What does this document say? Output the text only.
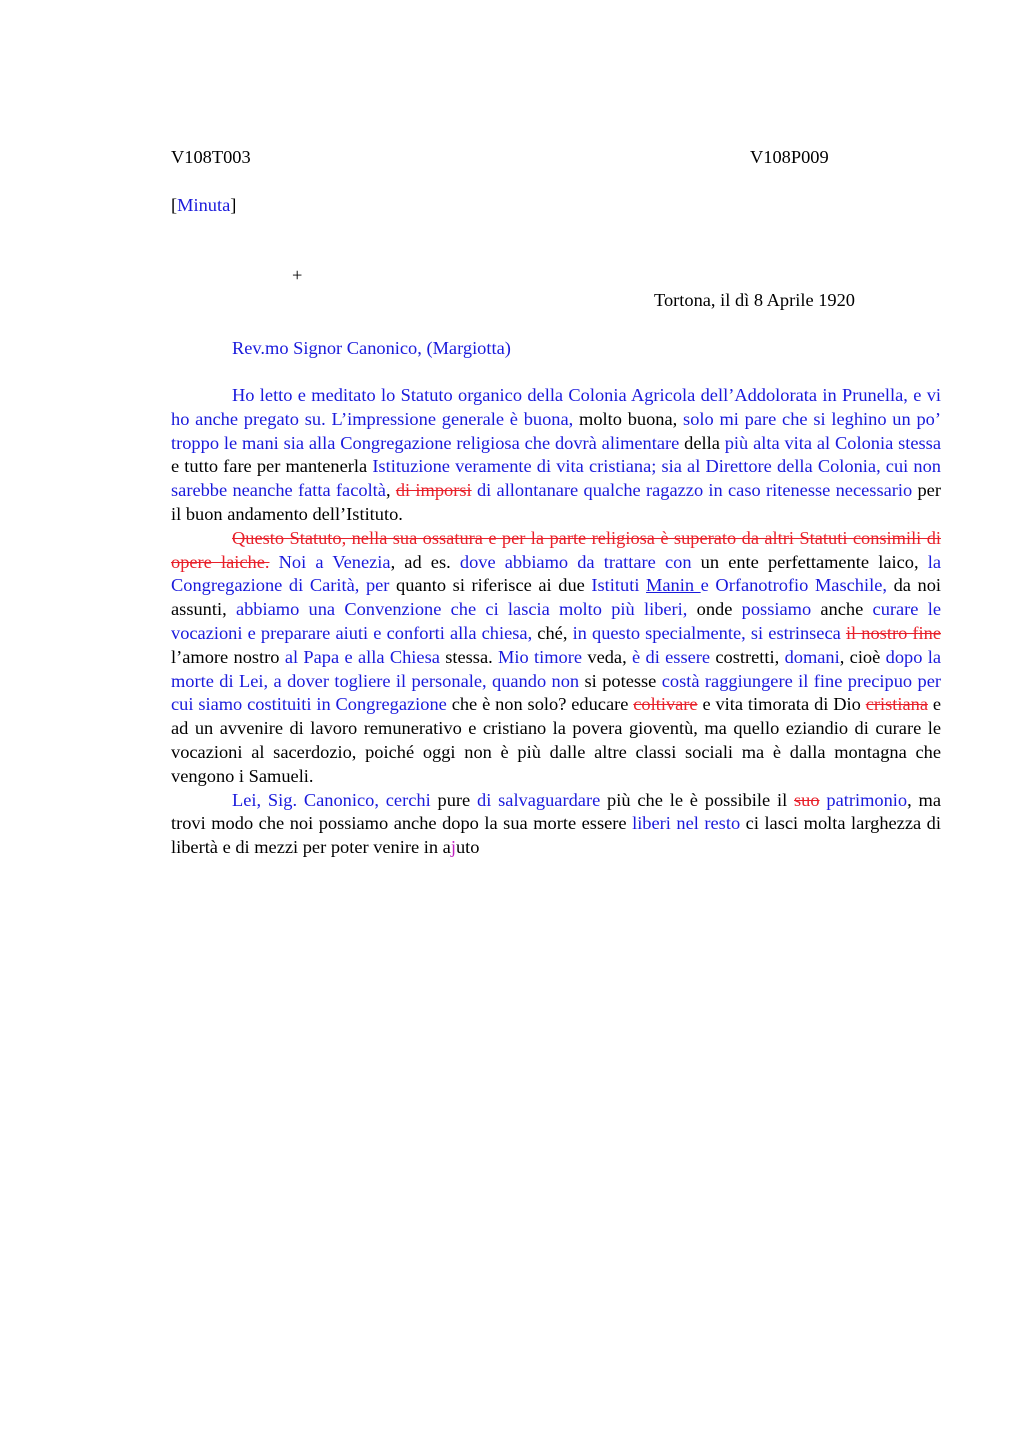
V108T003	V108P009
[Minuta]
+
Tortona, il dì 8 Aprile 1920
Rev.mo Signor Canonico, (Margiotta)

Ho letto e meditato lo Statuto organico della Colonia Agricola dell’Addolorata in Prunella, e vi ho anche pregato su. L’impressione generale è buona, molto buona, solo mi pare che si leghino un po’ troppo le mani sia alla Congregazione religiosa che dovrà alimentare della più alta vita al Colonia stessa e tutto fare per mantenerla Istituzione veramente di vita cristiana; sia al Direttore della Colonia, cui non sarebbe neanche fatta facoltà, di imporsi di allontanare qualche ragazzo in caso ritenesse necessario per il buon andamento dell’Istituto.

Questo Statuto, nella sua ossatura e per la parte religiosa è superato da altri Statuti consimili di opere laiche. Noi a Venezia, ad es. dove abbiamo da trattare con un ente perfettamente laico, la Congregazione di Carità, per quanto si riferisce ai due Istituti Manin e Orfanotrofio Maschile, da noi assunti, abbiamo una Convenzione che ci lascia molto più liberi, onde possiamo anche curare le vocazioni e preparare aiuti e conforti alla chiesa, ché, in questo specialmente, si estrinseca il nostro fine l’amore nostro al Papa e alla Chiesa stessa. Mio timore veda, è di essere costretti, domani, cioè dopo la morte di Lei, a dover togliere il personale, quando non si potesse costà raggiungere il fine precipuo per cui siamo costituiti in Congregazione che è non solo? educare coltivare e vita timorata di Dio cristiana e ad un avvenire di lavoro remunerativo e cristiano la povera gioventù, ma quello eziandio di curare le vocazioni al sacerdozio, poiché oggi non è più dalle altre classi sociali ma è dalla montagna che vengono i Samueli.

Lei, Sig. Canonico, cerchi pure di salvaguardare più che le è possibile il suo patrimonio, ma trovi modo che noi possiamo anche dopo la sua morte essere liberi nel resto ci lasci molta larghezza di libertà e di mezzi per poter venire in ajuto
